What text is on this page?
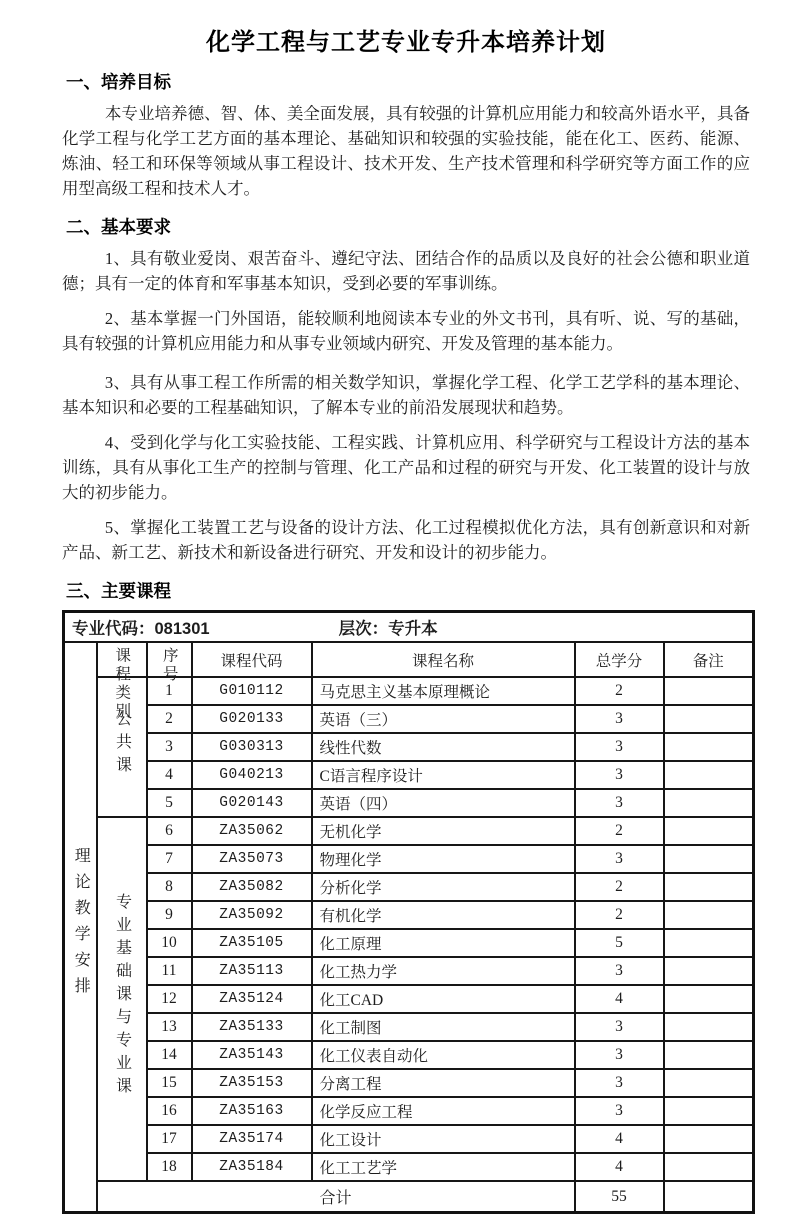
化学工程与工艺专业专升本培养计划
一、培养目标

本专业培养德、智、体、美全面发展，具有较强的计算机应用能力和较高外语水平，具备化学工程与化学工艺方面的基本理论、基础知识和较强的实验技能，能在化工、医药、能源、炼油、轻工和环保等领域从事工程设计、技术开发、生产技术管理和科学研究等方面工作的应用型高级工程和技术人才。

二、基本要求

1、具有敬业爱岗、艰苦奋斗、遵纪守法、团结合作的品质以及良好的社会公德和职业道德；具有一定的体育和军事基本知识，受到必要的军事训练。

2、基本掌握一门外国语，能较顺利地阅读本专业的外文书刊，具有听、说、写的基础，具有较强的计算机应用能力和从事专业领域内研究、开发及管理的基本能力。

3、具有从事工程工作所需的相关数学知识，掌握化学工程、化学工艺学科的基本理论、基本知识和必要的工程基础知识，了解本专业的前沿发展现状和趋势。

4、受到化学与化工实验技能、工程实践、计算机应用、科学研究与工程设计方法的基本训练，具有从事化工生产的控制与管理、化工产品和过程的研究与开发、化工装置的设计与放大的初步能力。

5、掌握化工装置工艺与设备的设计方法、化工过程模拟优化方法，具有创新意识和对新产品、新工艺、新技术和新设备进行研究、开发和设计的初步能力。

三、主要课程
专业代码：081301 层次：专升本						
理论教学安排	课程类别	序号	课程代码	课程名称	总学分	备注
	公共课	1	G010112	马克思主义基本原理概论	2	
		2	G020133	英语（三）	3	
		3	G030313	线性代数	3	
		4	G040213	C语言程序设计	3	
		5	G020143	英语（四）	3	
	专业基础课与专业课	6	ZA35062	无机化学	2	
		7	ZA35073	物理化学	3	
		8	ZA35082	分析化学	2	
		9	ZA35092	有机化学	2	
		10	ZA35105	化工原理	5	
		11	ZA35113	化工热力学	3	
		12	ZA35124	化工CAD	4	
		13	ZA35133	化工制图	3	
		14	ZA35143	化工仪表自动化	3	
		15	ZA35153	分离工程	3	
		16	ZA35163	化学反应工程	3	
		17	ZA35174	化工设计	4	
		18	ZA35184	化工工艺学	4	
	合计				55	
